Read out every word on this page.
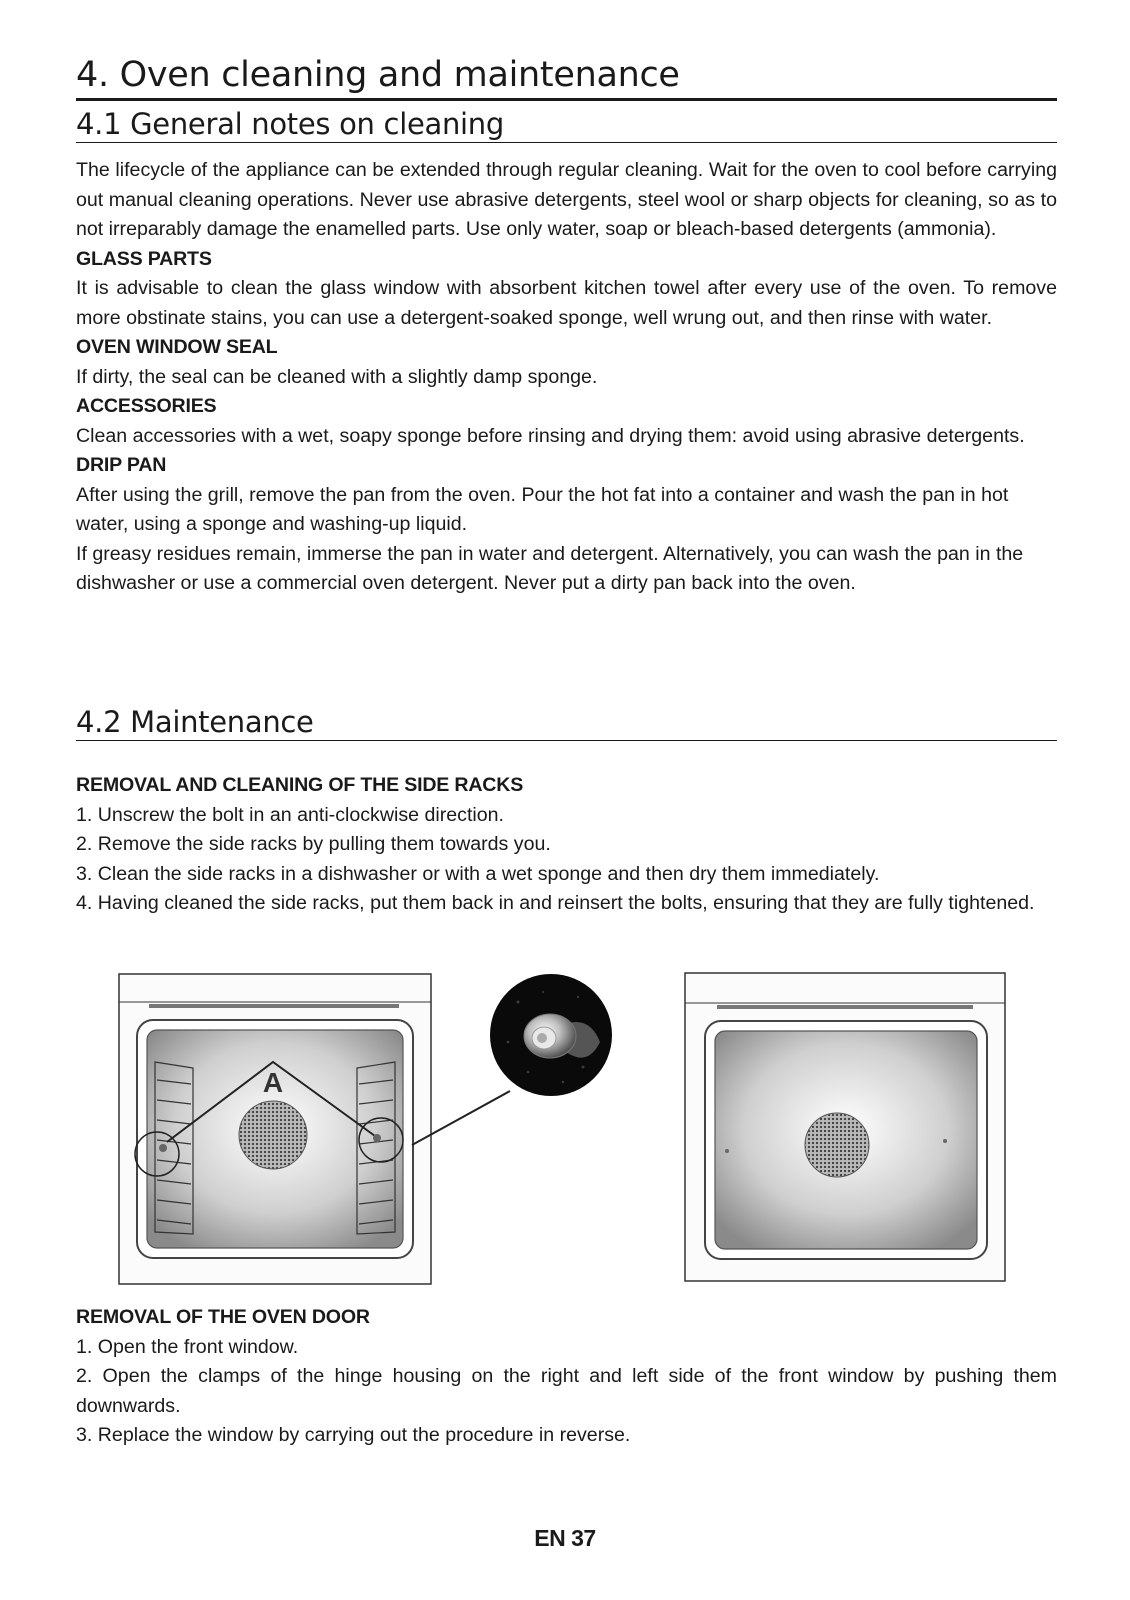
4. Oven cleaning and maintenance
4.1 General notes on cleaning

The lifecycle of the appliance can be extended through regular cleaning. Wait for the oven to cool before carrying out manual cleaning operations. Never use abrasive detergents, steel wool or sharp objects for cleaning, so as to not irreparably damage the enamelled parts. Use only water, soap or bleach-based detergents (ammonia).

GLASS PARTS

It is advisable to clean the glass window with absorbent kitchen towel after every use of the oven. To remove more obstinate stains, you can use a detergent-soaked sponge, well wrung out, and then rinse with water.

OVEN WINDOW SEAL

If dirty, the seal can be cleaned with a slightly damp sponge.

ACCESSORIES

Clean accessories with a wet, soapy sponge before rinsing and drying them: avoid using abrasive detergents.

DRIP PAN

After using the grill, remove the pan from the oven. Pour the hot fat into a container and wash the pan in hot water, using a sponge and washing-up liquid.

If greasy residues remain, immerse the pan in water and detergent. Alternatively, you can wash the pan in the dishwasher or use a commercial oven detergent. Never put a dirty pan back into the oven.

4.2 Maintenance

REMOVAL AND CLEANING OF THE SIDE RACKS

1. Unscrew the bolt in an anti-clockwise direction.

2. Remove the side racks by pulling them towards you.

3. Clean the side racks in a dishwasher or with a wet sponge and then dry them immediately.

4. Having cleaned the side racks, put them back in and reinsert the bolts, ensuring that they are fully tightened.

A

REMOVAL OF THE OVEN DOOR

1. Open the front window.

2. Open the clamps of the hinge housing on the right and left side of the front window by pushing them downwards.

3. Replace the window by carrying out the procedure in reverse.

EN 37
